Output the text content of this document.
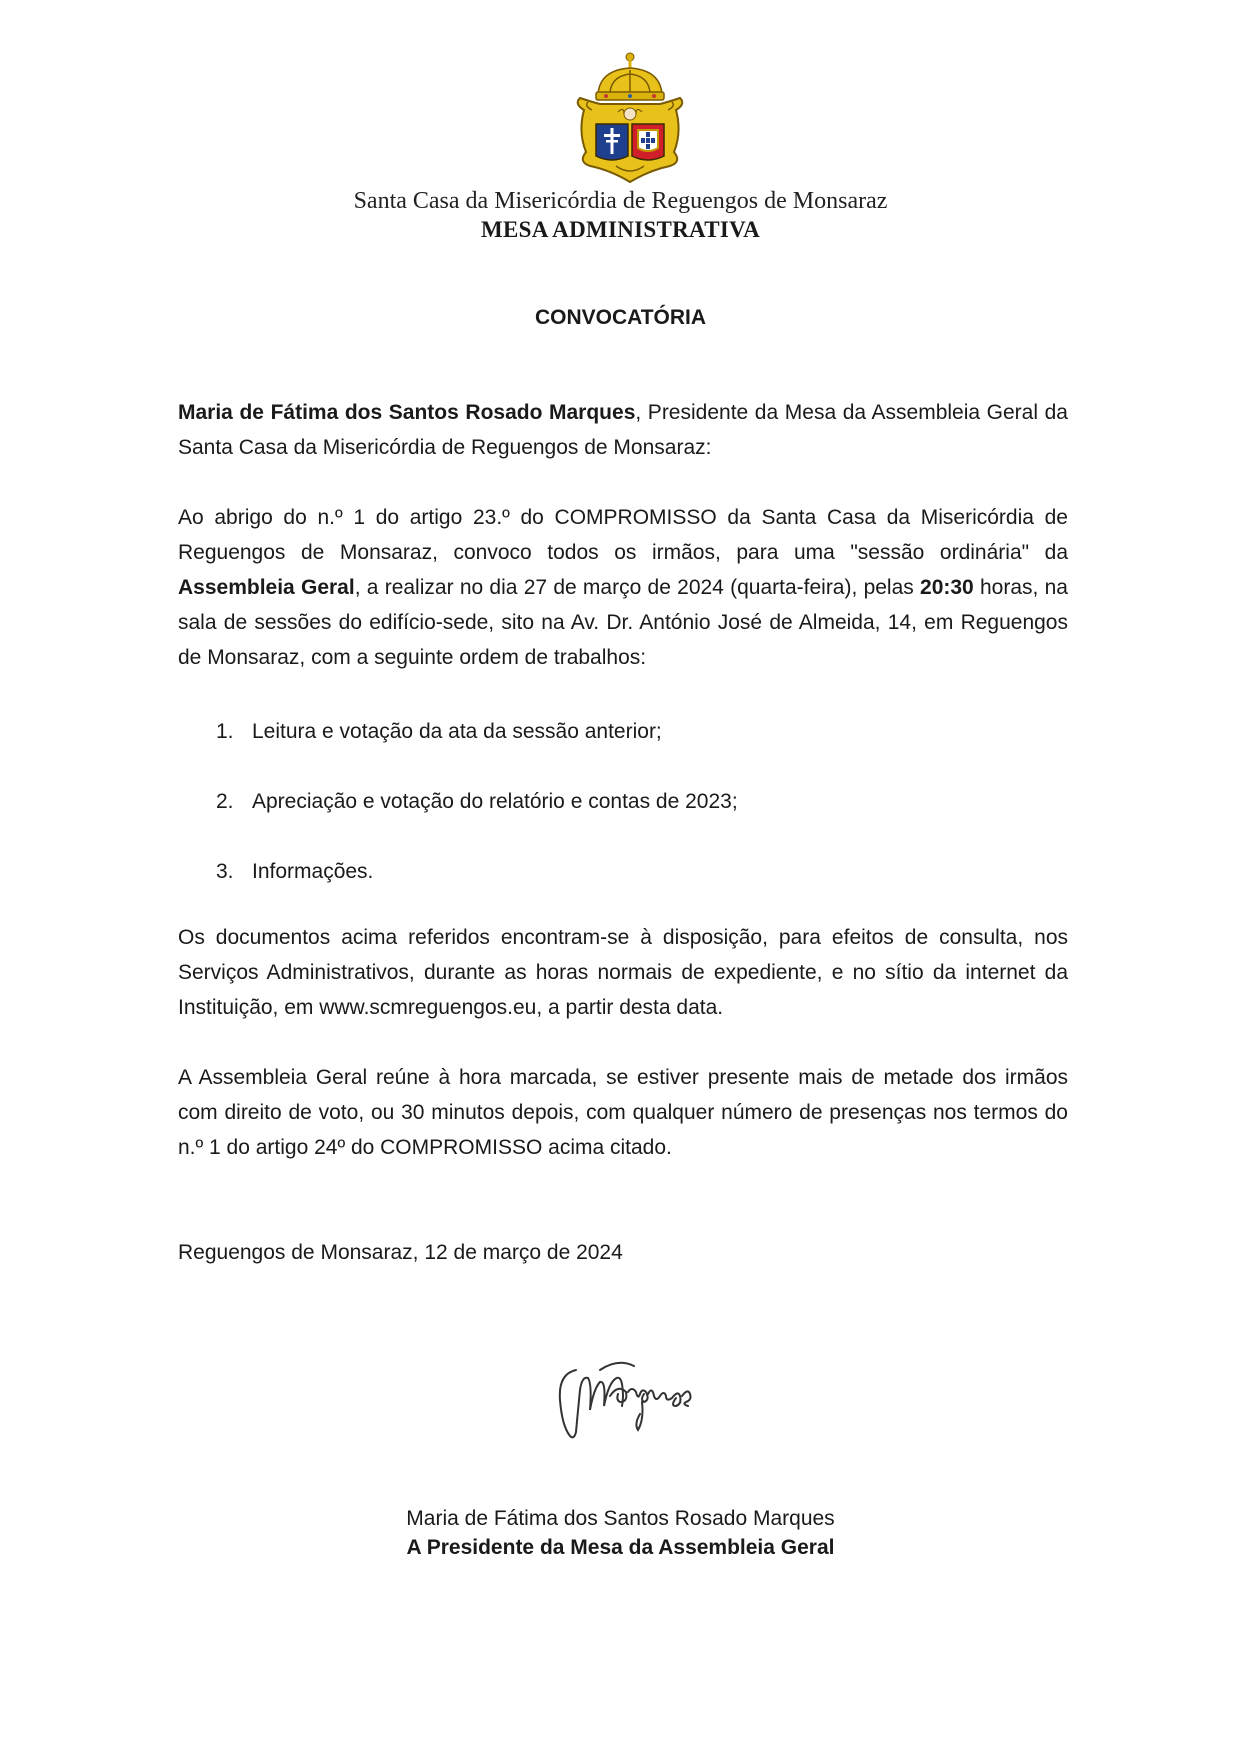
Santa Casa da Misericórdia de Reguengos de Monsaraz
MESA ADMINISTRATIVA
CONVOCATÓRIA

Maria de Fátima dos Santos Rosado Marques, Presidente da Mesa da Assembleia Geral da Santa Casa da Misericórdia de Reguengos de Monsaraz:

Ao abrigo do n.º 1 do artigo 23.º do COMPROMISSO da Santa Casa da Misericórdia de Reguengos de Monsaraz, convoco todos os irmãos, para uma "sessão ordinária" da Assembleia Geral, a realizar no dia 27 de março de 2024 (quarta-feira), pelas 20:30 horas, na sala de sessões do edifício-sede, sito na Av. Dr. António José de Almeida, 14, em Reguengos de Monsaraz, com a seguinte ordem de trabalhos:

1. Leitura e votação da ata da sessão anterior;
2. Apreciação e votação do relatório e contas de 2023;
3. Informações.

Os documentos acima referidos encontram-se à disposição, para efeitos de consulta, nos Serviços Administrativos, durante as horas normais de expediente, e no sítio da internet da Instituição, em www.scmreguengos.eu, a partir desta data.

A Assembleia Geral reúne à hora marcada, se estiver presente mais de metade dos irmãos com direito de voto, ou 30 minutos depois, com qualquer número de presenças nos termos do n.º 1 do artigo 24º do COMPROMISSO acima citado.

Reguengos de Monsaraz, 12 de março de 2024
Maria de Fátima dos Santos Rosado Marques
A Presidente da Mesa da Assembleia Geral
